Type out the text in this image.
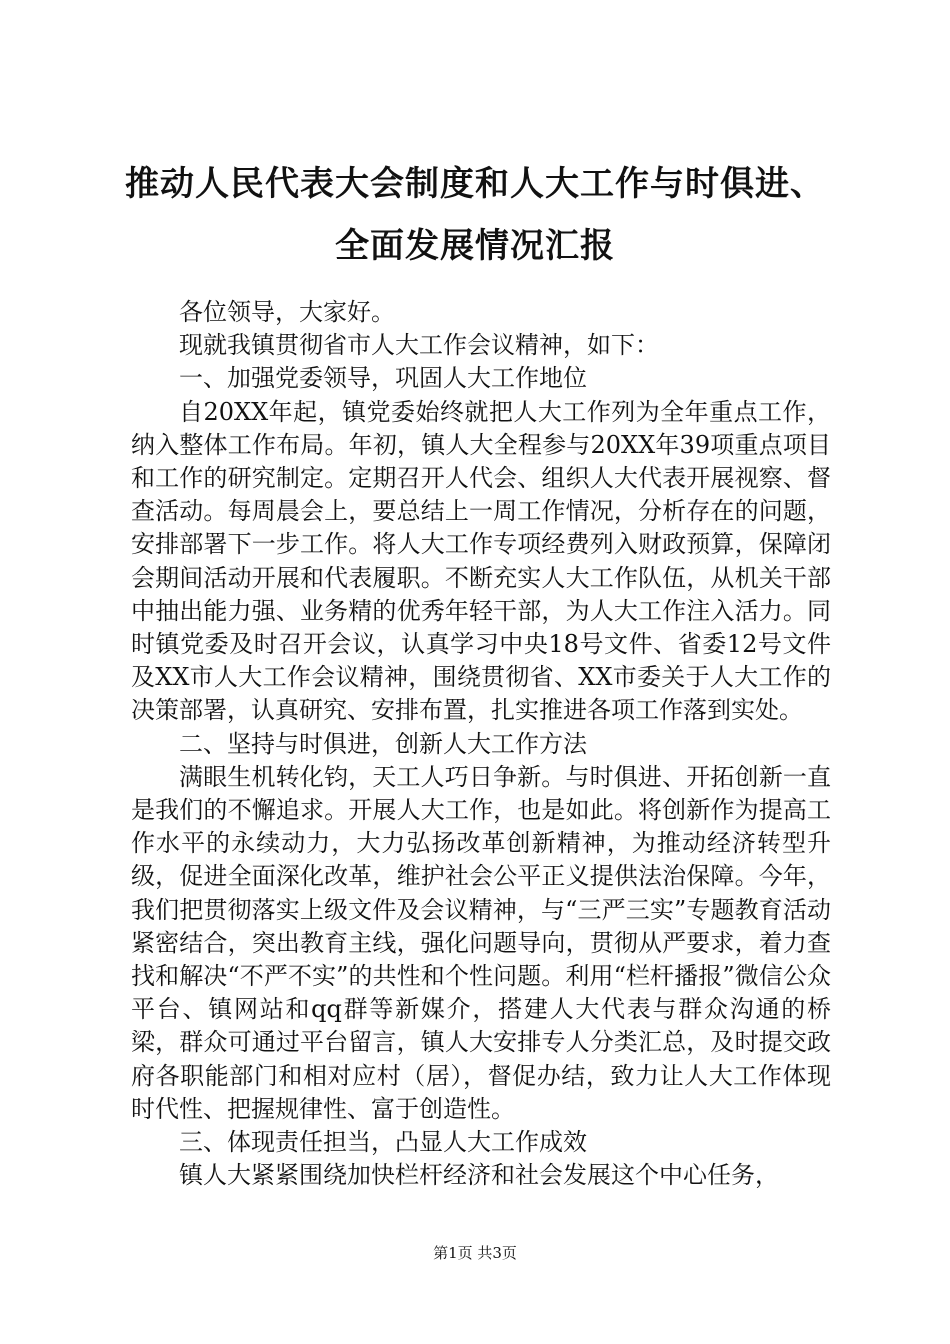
推动人民代表大会制度和人大工作与时俱进、
全面发展情况汇报

各位领导，大家好。

现就我镇贯彻省市人大工作会议精神，如下：

一、加强党委领导，巩固人大工作地位

自20XX年起，镇党委始终就把人大工作列为全年重点工作，纳入整体工作布局。年初，镇人大全程参与20XX年39项重点项目和工作的研究制定。定期召开人代会、组织人大代表开展视察、督查活动。每周晨会上，要总结上一周工作情况，分析存在的问题，安排部署下一步工作。将人大工作专项经费列入财政预算，保障闭会期间活动开展和代表履职。不断充实人大工作队伍，从机关干部中抽出能力强、业务精的优秀年轻干部，为人大工作注入活力。同时镇党委及时召开会议，认真学习中央18号文件、省委12号文件及XX市人大工作会议精神，围绕贯彻省、XX市委关于人大工作的决策部署，认真研究、安排布置，扎实推进各项工作落到实处。

二、坚持与时俱进，创新人大工作方法

满眼生机转化钧，天工人巧日争新。与时俱进、开拓创新一直是我们的不懈追求。开展人大工作，也是如此。将创新作为提高工作水平的永续动力，大力弘扬改革创新精神，为推动经济转型升级，促进全面深化改革，维护社会公平正义提供法治保障。今年，我们把贯彻落实上级文件及会议精神，与“三严三实”专题教育活动紧密结合，突出教育主线，强化问题导向，贯彻从严要求，着力查找和解决“不严不实”的共性和个性问题。利用“栏杆播报”微信公众平台、镇网站和qq群等新媒介，搭建人大代表与群众沟通的桥梁，群众可通过平台留言，镇人大安排专人分类汇总，及时提交政府各职能部门和相对应村（居），督促办结，致力让人大工作体现时代性、把握规律性、富于创造性。

三、体现责任担当，凸显人大工作成效

镇人大紧紧围绕加快栏杆经济和社会发展这个中心任务，

第1页 共3页
